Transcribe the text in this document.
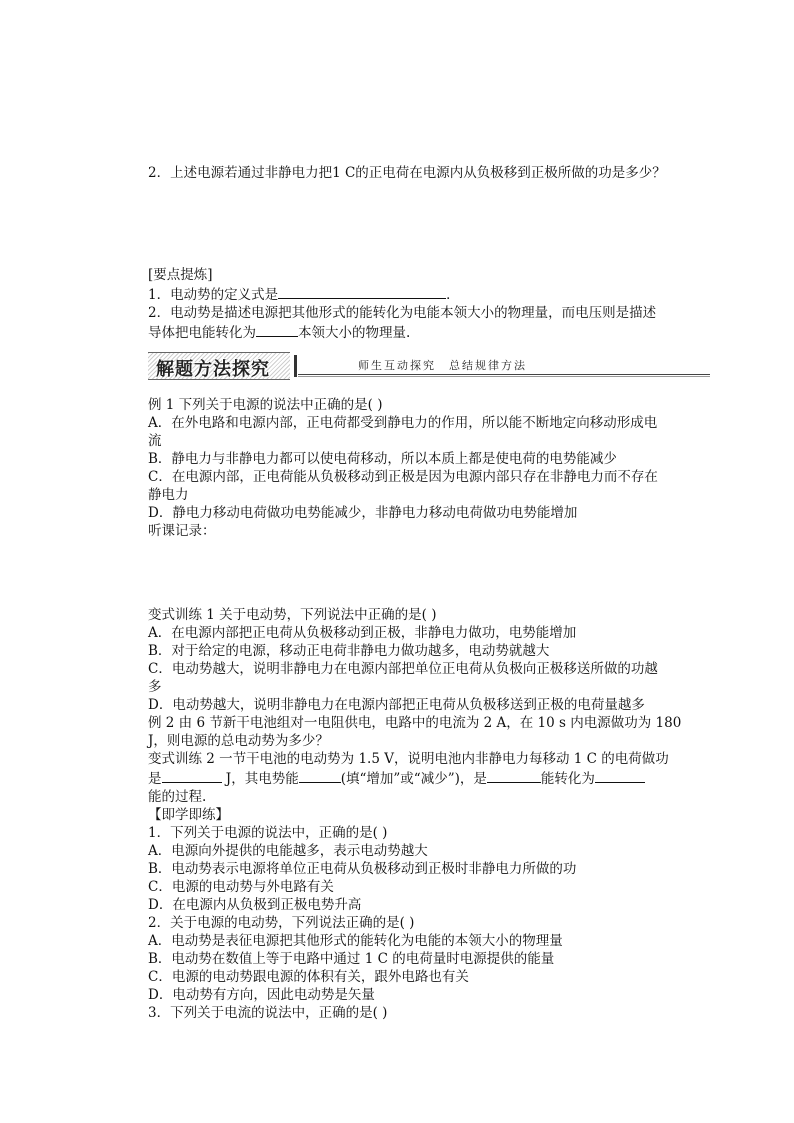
2．上述电源若通过非静电力把1 C的正电荷在电源内从负极移到正极所做的功是多少？
[要点提炼]
1．电动势的定义式是	．
2．电动势是描述电源把其他形式的能转化为电能本领大小的物理量，而电压则是描述
导体把电能转化为	本领大小的物理量.
解题方法探究	师生互动探究　总结规律方法
例 1 下列关于电源的说法中正确的是( )
A．在外电路和电源内部，正电荷都受到静电力的作用，所以能不断地定向移动形成电
流
B．静电力与非静电力都可以使电荷移动，所以本质上都是使电荷的电势能减少
C．在电源内部，正电荷能从负极移动到正极是因为电源内部只存在非静电力而不存在
静电力
D．静电力移动电荷做功电势能减少，非静电力移动电荷做功电势能增加
听课记录：
变式训练 1 关于电动势，下列说法中正确的是( )
A．在电源内部把正电荷从负极移动到正极，非静电力做功，电势能增加
B．对于给定的电源，移动正电荷非静电力做功越多，电动势就越大
C．电动势越大，说明非静电力在电源内部把单位正电荷从负极向正极移送所做的功越
多
D．电动势越大，说明非静电力在电源内部把正电荷从负极移送到正极的电荷量越多
例 2 由 6 节新干电池组对一电阻供电，电路中的电流为 2 A，在 10 s 内电源做功为 180
J，则电源的总电动势为多少？
变式训练 2 一节干电池的电动势为 1.5 V，说明电池内非静电力每移动 1 C 的电荷做功
是	J，其电势能	(填“增加”或“减少”)，是	能转化为
能的过程.
【即学即练】
1．下列关于电源的说法中，正确的是( )
A．电源向外提供的电能越多，表示电动势越大
B．电动势表示电源将单位正电荷从负极移动到正极时非静电力所做的功
C．电源的电动势与外电路有关
D．在电源内从负极到正极电势升高
2．关于电源的电动势，下列说法正确的是( )
A．电动势是表征电源把其他形式的能转化为电能的本领大小的物理量
B．电动势在数值上等于电路中通过 1 C 的电荷量时电源提供的能量
C．电源的电动势跟电源的体积有关，跟外电路也有关
D．电动势有方向，因此电动势是矢量
3．下列关于电流的说法中，正确的是( )
